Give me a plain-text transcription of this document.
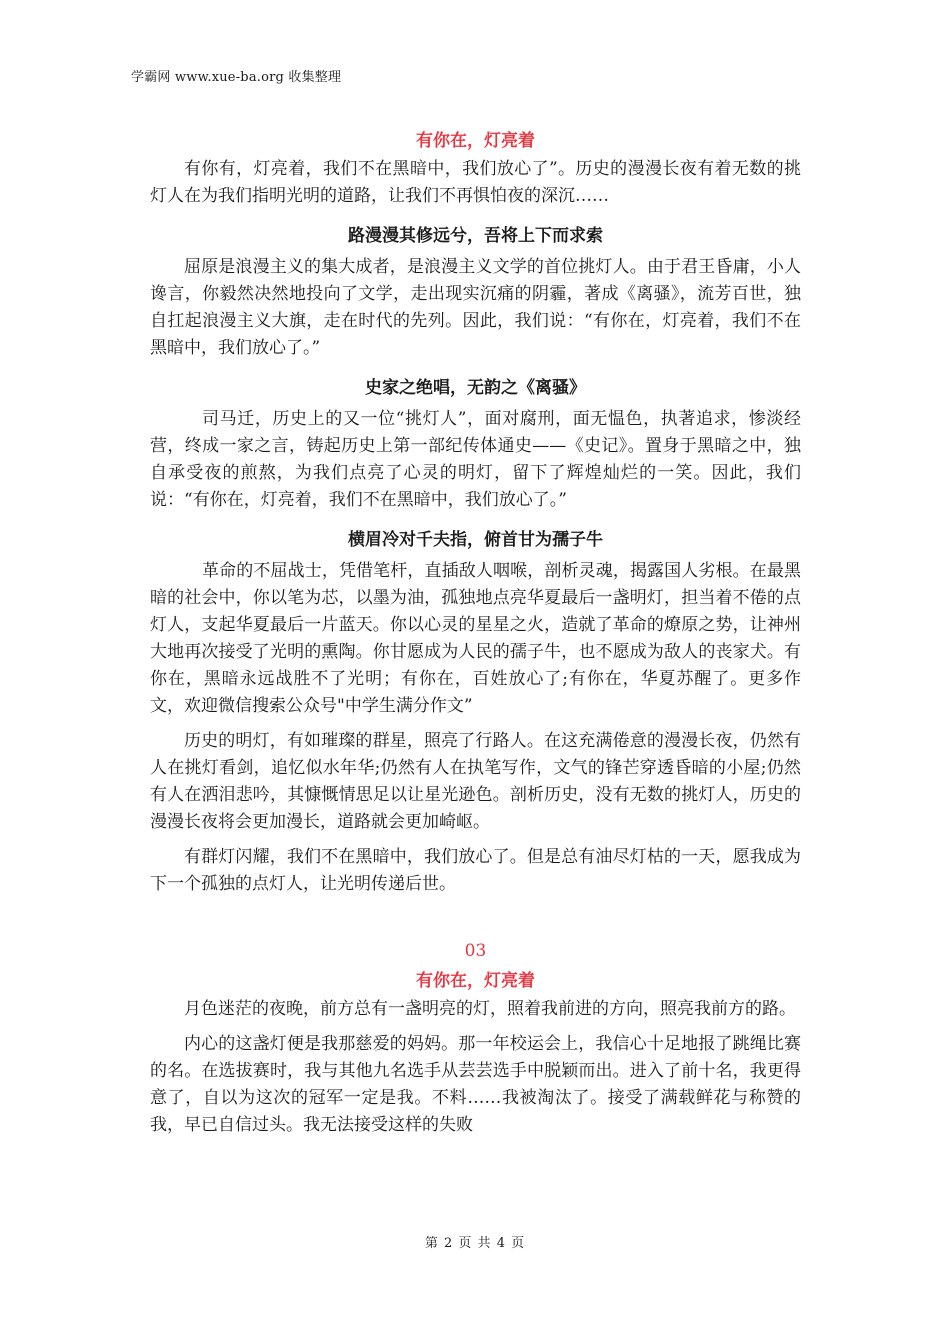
学霸网 www.xue-ba.org 收集整理
有你在，灯亮着

有你有，灯亮着，我们不在黑暗中，我们放心了”。历史的漫漫长夜有着无数的挑灯人在为我们指明光明的道路，让我们不再惧怕夜的深沉……

路漫漫其修远兮，吾将上下而求索

屈原是浪漫主义的集大成者，是浪漫主义文学的首位挑灯人。由于君王昏庸，小人谗言，你毅然决然地投向了文学，走出现实沉痛的阴霾，著成《离骚》，流芳百世，独自扛起浪漫主义大旗，走在时代的先列。因此，我们说：“有你在，灯亮着，我们不在黑暗中，我们放心了。”

史家之绝唱，无韵之《离骚》

司马迁，历史上的又一位“挑灯人”，面对腐刑，面无愠色，执著追求，惨淡经营，终成一家之言，铸起历史上第一部纪传体通史——《史记》。置身于黑暗之中，独自承受夜的煎熬，为我们点亮了心灵的明灯，留下了辉煌灿烂的一笑。因此，我们说：“有你在，灯亮着，我们不在黑暗中，我们放心了。”

横眉冷对千夫指，俯首甘为孺子牛

革命的不屈战士，凭借笔杆，直插敌人咽喉，剖析灵魂，揭露国人劣根。在最黑暗的社会中，你以笔为芯，以墨为油，孤独地点亮华夏最后一盏明灯，担当着不倦的点灯人，支起华夏最后一片蓝天。你以心灵的星星之火，造就了革命的燎原之势，让神州大地再次接受了光明的熏陶。你甘愿成为人民的孺子牛，也不愿成为敌人的丧家犬。有你在，黑暗永远战胜不了光明；有你在，百姓放心了;有你在，华夏苏醒了。更多作文，欢迎微信搜索公众号"中学生满分作文”

历史的明灯，有如璀璨的群星，照亮了行路人。在这充满倦意的漫漫长夜，仍然有人在挑灯看剑，追忆似水年华;仍然有人在执笔写作，文气的锋芒穿透昏暗的小屋;仍然有人在洒泪悲吟，其慷慨情思足以让星光逊色。剖析历史，没有无数的挑灯人，历史的漫漫长夜将会更加漫长，道路就会更加崎岖。

有群灯闪耀，我们不在黑暗中，我们放心了。但是总有油尽灯枯的一天，愿我成为下一个孤独的点灯人，让光明传递后世。

03
有你在，灯亮着

月色迷茫的夜晚，前方总有一盏明亮的灯，照着我前进的方向，照亮我前方的路。

内心的这盏灯便是我那慈爱的妈妈。那一年校运会上，我信心十足地报了跳绳比赛的名。在选拔赛时，我与其他九名选手从芸芸选手中脱颖而出。进入了前十名，我更得意了，自以为这次的冠军一定是我。不料……我被淘汰了。接受了满载鲜花与称赞的我，早已自信过头。我无法接受这样的失败

第 2 页 共 4 页
